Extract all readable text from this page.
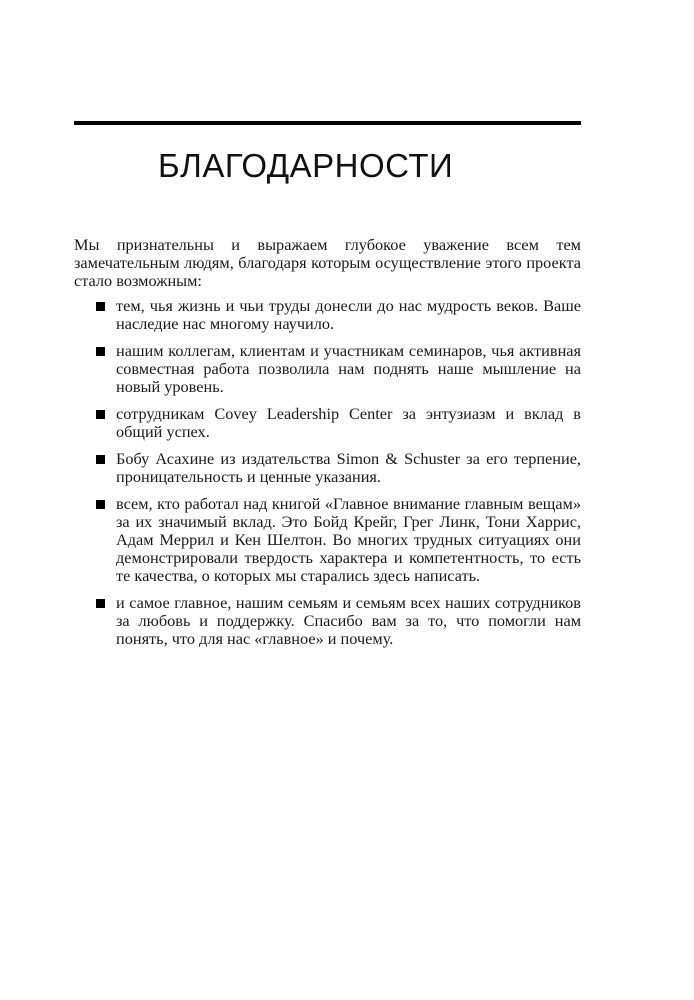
БЛАГОДАРНОСТИ

Мы признательны и выражаем глубокое уважение всем тем замечательным людям, благодаря которым осуществление этого проекта стало возможным:

тем, чья жизнь и чьи труды донесли до нас мудрость веков. Ваше наследие нас многому научило.
нашим коллегам, клиентам и участникам семинаров, чья активная совместная работа позволила нам поднять наше мышление на новый уровень.
сотрудникам Covey Leadership Center за энтузиазм и вклад в общий успех.
Бобу Асахине из издательства Simon & Schuster за его терпение, проницательность и ценные указания.
всем, кто работал над книгой «Главное внимание главным вещам» за их значимый вклад. Это Бойд Крейг, Грег Линк, Тони Харрис, Адам Меррил и Кен Шелтон. Во многих трудных ситуациях они демонстрировали твердость характера и компетентность, то есть те качества, о которых мы старались здесь написать.
и самое главное, нашим семьям и семьям всех наших сотрудников за любовь и поддержку. Спасибо вам за то, что помогли нам понять, что для нас «главное» и почему.
